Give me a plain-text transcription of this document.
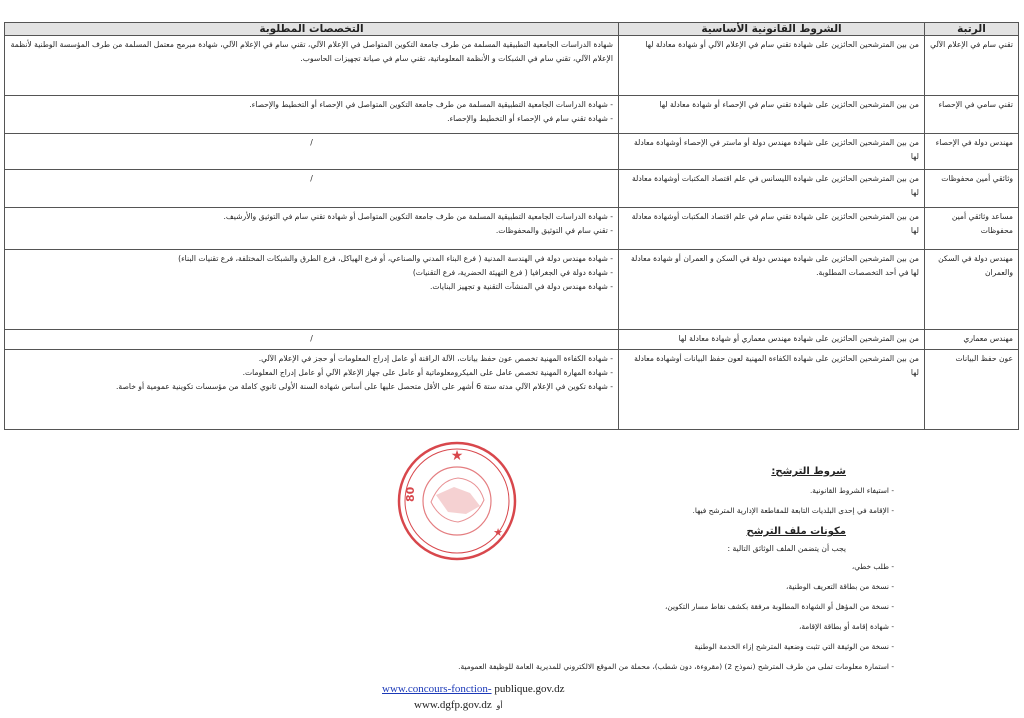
الرتبة	الشروط القانونية الأساسية	التخصصات المطلوبة
تقني سام في الإعلام الآلي	من بين المترشحين الحائزين على شهادة تقني سام في الإعلام الآلي أو شهادة معادلة لها	شهادة الدراسات الجامعية التطبيقية المسلمة من طرف جامعة التكوين المتواصل في الإعلام الآلي، تقني سام في الإعلام الآلي، شهادة مبرمج معتمل المسلمة من طرف المؤسسة الوطنية لأنظمة الإعلام الآلي، تقني سام في الشبكات و الأنظمة المعلوماتية، تقني سام في صيانة تجهيزات الحاسوب.

تقني سامي في الإحصاء	من بين المترشحين الحائزين على شهادة تقني سام في الإحصاء أو شهادة معادلة لها	- شهادة الدراسات الجامعية التطبيقية المسلمة من طرف جامعة التكوين المتواصل في الإحصاء أو التخطيط والإحصاء.
- شهادة تقني سام في الإحصاء أو التخطيط والإحصاء.

مهندس دولة في الإحصاء	من بين المترشحين الحائزين على شهادة مهندس دولة أو ماستر في الإحصاء أوشهادة معادلة لها	/

وثائقي أمين محفوظات	من بين المترشحين الحائزين على شهادة الليسانس في علم اقتصاد المكتبات أوشهادة معادلة لها	/

مساعد وثائقي أمين محفوظات	من بين المترشحين الحائزين على شهادة تقني سام في علم اقتصاد المكتبات أوشهادة معادلة لها	- شهادة الدراسات الجامعية التطبيقية المسلمة من طرف جامعة التكوين المتواصل أو شهادة تقني سام في التوثيق والأرشيف.
- تقني سام في التوثيق والمحفوظات.

مهندس دولة في السكن والعمران	من بين المترشحين الحائزين على شهادة مهندس دولة في السكن و العمران أو شهادة معادلة لها في أحد التخصصات المطلوبة.	- شهادة مهندس دولة في الهندسة المدنية ( فرع البناء المدني والصناعي، أو فرع الهياكل، فرع الطرق والشبكات المختلفة، فرع تقنيات البناء)
- شهادة دولة في الجغرافيا ( فرع التهيئة الحضرية، فرع التقنيات)
- شهادة مهندس دولة في المنشآت التقنية و تجهيز البنايات.

مهندس معماري	من بين المترشحين الحائزين على شهادة مهندس معماري أو شهادة معادلة لها	/

عون حفظ البيانات	من بين المترشحين الحائزين على شهادة الكفاءة المهنية لعون حفظ البيانات أوشهادة معادلة لها	- شهادة الكفاءة المهنية تخصص عون حفظ بيانات، الآلة الراقنة أو عامل إدراج المعلومات أو حجز في الإعلام الآلي.
- شهادة المهارة المهنية تخصص عامل على الميكرومعلوماتية أو عامل على جهاز الإعلام الآلي أو عامل إدراج المعلومات.
- شهادة تكوين في الإعلام الآلي مدته ستة 6 أشهر على الأقل متحصل عليها على أساس شهادة السنة الأولى ثانوي كاملة من مؤسسات تكوينية عمومية أو خاصة.
★
★
80
شروط الترشح:
- استيفاء الشروط القانونية.
- الإقامة في إحدى البلديات التابعة للمقاطعة الإدارية المترشح فيها.
مكونات ملف الترشح
يجب أن يتضمن الملف الوثائق التالية :
- طلب خطي،
- نسخة من بطاقة التعريف الوطنية،
- نسخة من المؤهل أو الشهادة المطلوبة مرفقة بكشف نقاط مسار التكوين،
- شهادة إقامة أو بطاقة الإقامة،
- نسخة من الوثيقة التي تثبت وضعية المترشح إزاء الخدمة الوطنية
- استمارة معلومات تملى من طرف المترشح (نموذج 2) (مقروءة، دون شطب)، محملة من الموقع الالكتروني للمديرية العامة للوظيفة العمومية.
www.concours-fonction- publique.gov.dz
www.dgfp.gov.dz أو
